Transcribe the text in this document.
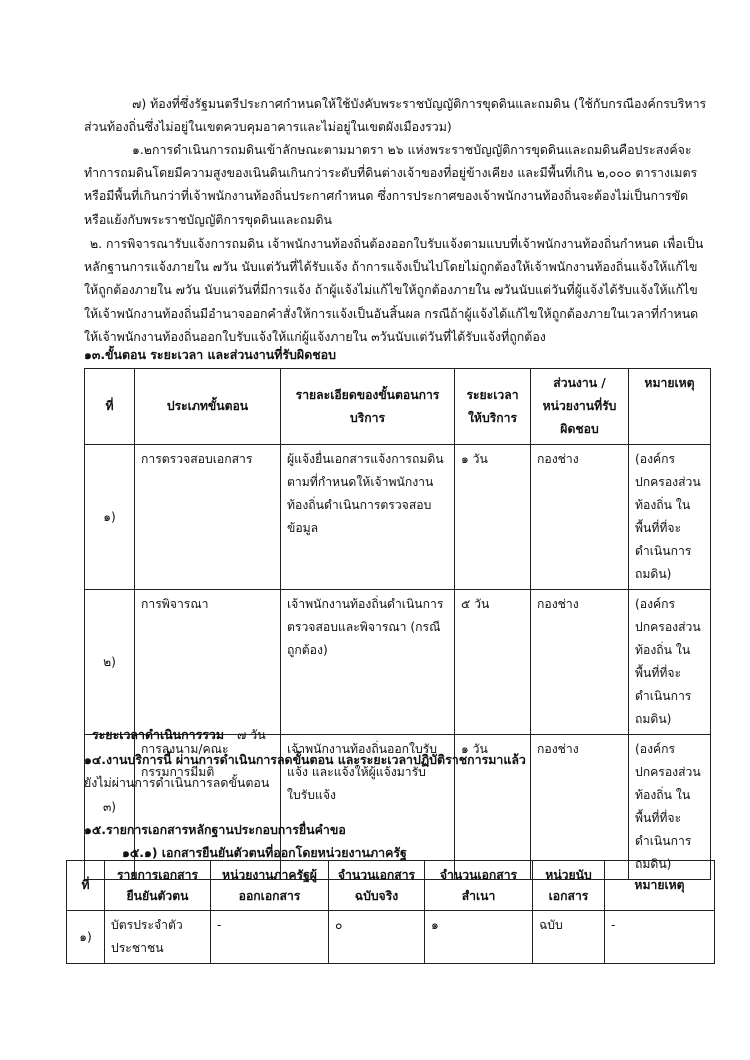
๗) ท้องที่ซึ่งรัฐมนตรีประกาศกำหนดให้ใช้บังคับพระราชบัญญัติการขุดดินและถมดิน (ใช้กับกรณีองค์กรบริหารส่วนท้องถิ่นซึ่งไม่อยู่ในเขตควบคุมอาคารและไม่อยู่ในเขตผังเมืองรวม)

๑.๒การดำเนินการถมดินเข้าลักษณะตามมาตรา ๒๖ แห่งพระราชบัญญัติการขุดดินและถมดินคือประสงค์จะทำการถมดินโดยมีความสูงของเนินดินเกินกว่าระดับที่ดินต่างเจ้าของที่อยู่ข้างเคียง และมีพื้นที่เกิน ๒,๐๐๐ ตารางเมตร หรือมีพื้นที่เกินกว่าที่เจ้าพนักงานท้องถิ่นประกาศกำหนด ซึ่งการประกาศของเจ้าพนักงานท้องถิ่นจะต้องไม่เป็นการขัดหรือแย้งกับพระราชบัญญัติการขุดดินและถมดิน

๒. การพิจารณารับแจ้งการถมดิน เจ้าพนักงานท้องถิ่นต้องออกใบรับแจ้งตามแบบที่เจ้าพนักงานท้องถิ่นกำหนด เพื่อเป็นหลักฐานการแจ้งภายใน ๗วัน นับแต่วันที่ได้รับแจ้ง ถ้าการแจ้งเป็นไปโดยไม่ถูกต้องให้เจ้าพนักงานท้องถิ่นแจ้งให้แก้ไขให้ถูกต้องภายใน ๗วัน นับแต่วันที่มีการแจ้ง ถ้าผู้แจ้งไม่แก้ไขให้ถูกต้องภายใน ๗วันนับแต่วันที่ผู้แจ้งได้รับแจ้งให้แก้ไข ให้เจ้าพนักงานท้องถิ่นมีอำนาจออกคำสั่งให้การแจ้งเป็นอันสิ้นผล กรณีถ้าผู้แจ้งได้แก้ไขให้ถูกต้องภายในเวลาที่กำหนด ให้เจ้าพนักงานท้องถิ่นออกใบรับแจ้งให้แก่ผู้แจ้งภายใน ๓วันนับแต่วันที่ได้รับแจ้งที่ถูกต้อง

๑๓.ขั้นตอน ระยะเวลา และส่วนงานที่รับผิดชอบ

ที่	ประเภทขั้นตอน	รายละเอียดของขั้นตอนการบริการ	ระยะเวลาให้บริการ	ส่วนงาน / หน่วยงานที่รับผิดชอบ	หมายเหตุ
๑)	การตรวจสอบเอกสาร	ผู้แจ้งยื่นเอกสารแจ้งการถมดิน ตามที่กำหนดให้เจ้าพนักงานท้องถิ่นดำเนินการตรวจสอบข้อมูล	๑ วัน	กองช่าง	(องค์กรปกครองส่วนท้องถิ่น ในพื้นที่ที่จะดำเนินการถมดิน)
๒)	การพิจารณา	เจ้าพนักงานท้องถิ่นดำเนินการตรวจสอบและพิจารณา (กรณีถูกต้อง)	๕ วัน	กองช่าง	(องค์กรปกครองส่วนท้องถิ่น ในพื้นที่ที่จะดำเนินการถมดิน)
๓)	การลงนาม/คณะกรรมการมีมติ	เจ้าพนักงานท้องถิ่นออกใบรับแจ้ง และแจ้งให้ผู้แจ้งมารับใบรับแจ้ง	๑ วัน	กองช่าง	(องค์กรปกครองส่วนท้องถิ่น ในพื้นที่ที่จะดำเนินการถมดิน)

ระยะเวลาดำเนินการรวม ๗ วัน

๑๔.งานบริการนี้ ผ่านการดำเนินการลดขั้นตอน และระยะเวลาปฏิบัติราชการมาแล้ว

ยังไม่ผ่านการดำเนินการลดขั้นตอน

๑๕.รายการเอกสารหลักฐานประกอบการยื่นคำขอ

๑๕.๑) เอกสารยืนยันตัวตนที่ออกโดยหน่วยงานภาครัฐ

ที่	รายการเอกสารยืนยันตัวตน	หน่วยงานภาครัฐผู้ออกเอกสาร	จำนวนเอกสารฉบับจริง	จำนวนเอกสารสำเนา	หน่วยนับเอกสาร	หมายเหตุ
๑)	บัตรประจำตัวประชาชน	-	๐	๑	ฉบับ	-
